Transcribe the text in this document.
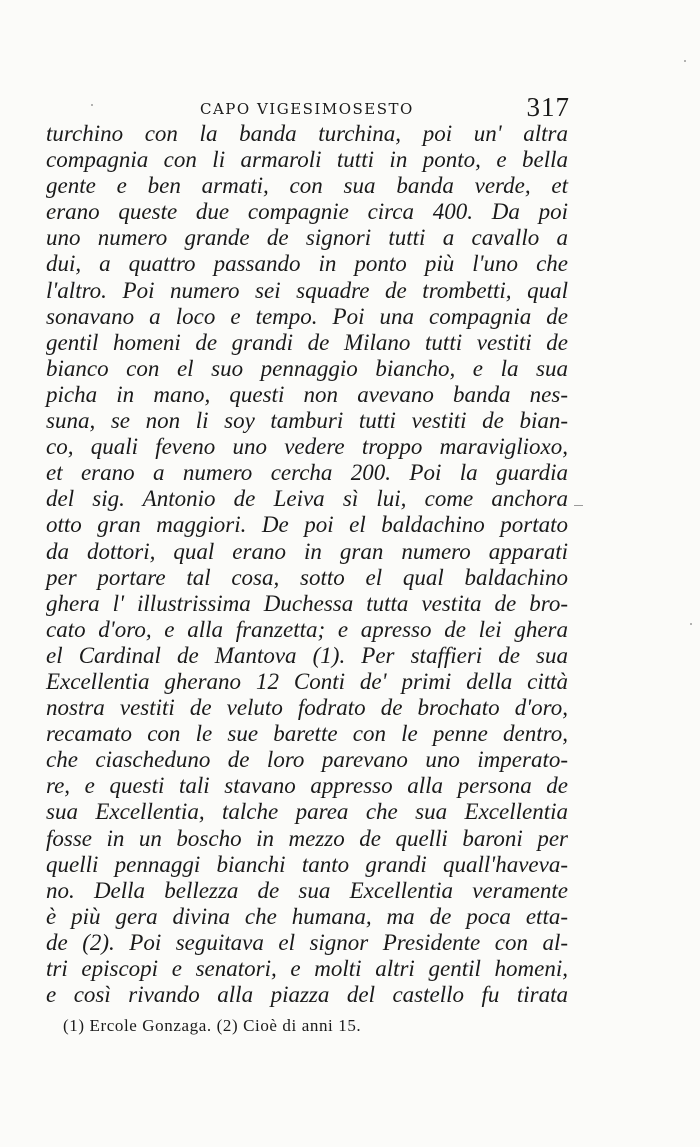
CAPO VIGESIMOSESTO	317
turchino con la banda turchina, poi un' altra
compagnia con li armaroli tutti in ponto, e bella
gente e ben armati, con sua banda verde, et
erano queste due compagnie circa 400. Da poi
uno numero grande de signori tutti a cavallo a
dui, a quattro passando in ponto più l'uno che
l'altro. Poi numero sei squadre de trombetti, qual
sonavano a loco e tempo. Poi una compagnia de
gentil homeni de grandi de Milano tutti vestiti de
bianco con el suo pennaggio biancho, e la sua
picha in mano, questi non avevano banda nes-
suna, se non li soy tamburi tutti vestiti de bian-
co, quali feveno uno vedere troppo maraviglioxo,
et erano a numero cercha 200. Poi la guardia
del sig. Antonio de Leiva sì lui, come anchora
otto gran maggiori. De poi el baldachino portato
da dottori, qual erano in gran numero apparati
per portare tal cosa, sotto el qual baldachino
ghera l' illustrissima Duchessa tutta vestita de bro-
cato d'oro, e alla franzetta; e apresso de lei ghera
el Cardinal de Mantova (1). Per staffieri de sua
Excellentia gherano 12 Conti de' primi della città
nostra vestiti de veluto fodrato de brochato d'oro,
recamato con le sue barette con le penne dentro,
che ciascheduno de loro parevano uno imperato-
re, e questi tali stavano appresso alla persona de
sua Excellentia, talche parea che sua Excellentia
fosse in un boscho in mezzo de quelli baroni per
quelli pennaggi bianchi tanto grandi quall'haveva-
no. Della bellezza de sua Excellentia veramente
è più gera divina che humana, ma de poca etta-
de (2). Poi seguitava el signor Presidente con al-
tri episcopi e senatori, e molti altri gentil homeni,
e così rivando alla piazza del castello fu tirata
(1) Ercole Gonzaga. (2) Cioè di anni 15.
